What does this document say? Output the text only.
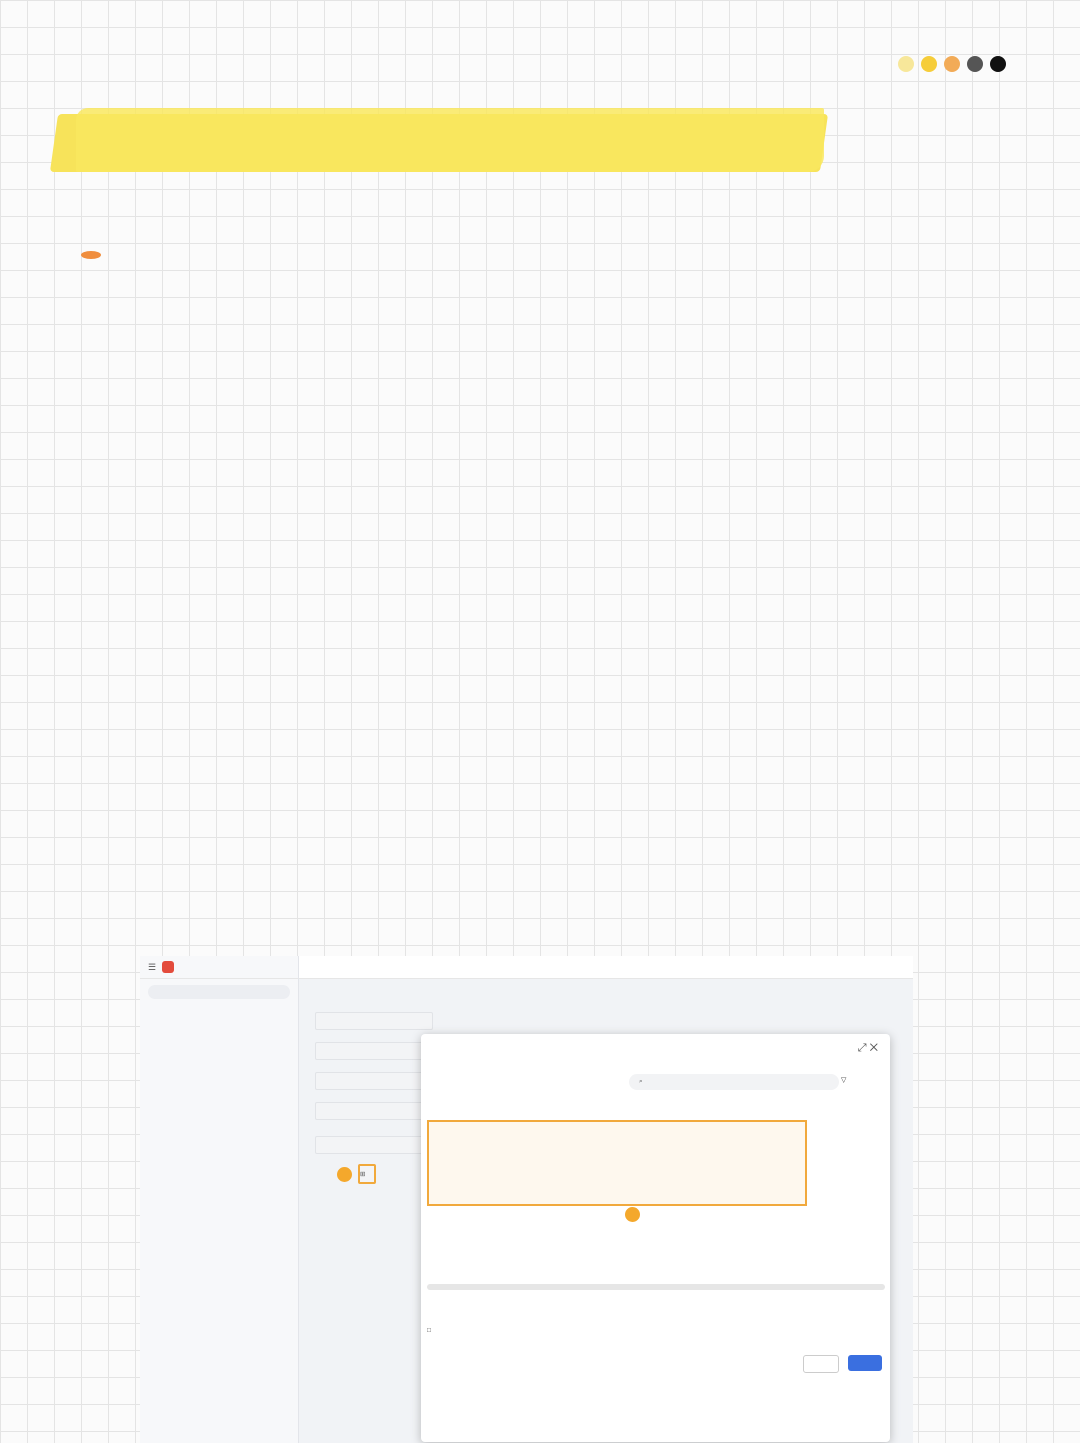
☰
⊞
⤢ ✕
⌕	▽
□
